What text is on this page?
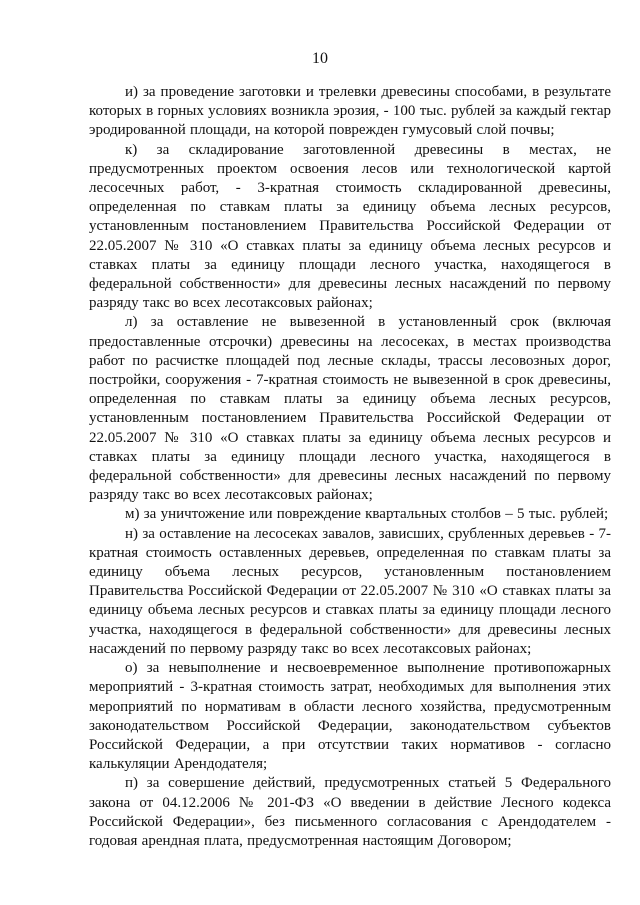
10

и) за проведение заготовки и трелевки древесины способами, в результате которых в горных условиях возникла эрозия, - 100 тыс. рублей за каждый гектар эродированной площади, на которой поврежден гумусовый слой почвы;

к) за складирование заготовленной древесины в местах, не предусмотренных проектом освоения лесов или технологической картой лесосечных работ, - 3-кратная стоимость складированной древесины, определенная по ставкам платы за единицу объема лесных ресурсов, установленным постановлением Правительства Российской Федерации от 22.05.2007 № 310 «О ставках платы за единицу объема лесных ресурсов и ставках платы за единицу площади лесного участка, находящегося в федеральной собственности» для древесины лесных насаждений по первому разряду такс во всех лесотаксовых районах;

л) за оставление не вывезенной в установленный срок (включая предоставленные отсрочки) древесины на лесосеках, в местах производства работ по расчистке площадей под лесные склады, трассы лесовозных дорог, постройки, сооружения - 7-кратная стоимость не вывезенной в срок древесины, определенная по ставкам платы за единицу объема лесных ресурсов, установленным постановлением Правительства Российской Федерации от 22.05.2007 № 310 «О ставках платы за единицу объема лесных ресурсов и ставках платы за единицу площади лесного участка, находящегося в федеральной собственности» для древесины лесных насаждений по первому разряду такс во всех лесотаксовых районах;

м) за уничтожение или повреждение квартальных столбов – 5 тыс. рублей;

н) за оставление на лесосеках завалов, зависших, срубленных деревьев - 7-кратная стоимость оставленных деревьев, определенная по ставкам платы за единицу объема лесных ресурсов, установленным постановлением Правительства Российской Федерации от 22.05.2007 № 310 «О ставках платы за единицу объема лесных ресурсов и ставках платы за единицу площади лесного участка, находящегося в федеральной собственности» для древесины лесных насаждений по первому разряду такс во всех лесотаксовых районах;

о) за невыполнение и несвоевременное выполнение противопожарных мероприятий - 3-кратная стоимость затрат, необходимых для выполнения этих мероприятий по нормативам в области лесного хозяйства, предусмотренным законодательством Российской Федерации, законодательством субъектов Российской Федерации, а при отсутствии таких нормативов - согласно калькуляции Арендодателя;

п) за совершение действий, предусмотренных статьей 5 Федерального закона от 04.12.2006 № 201-ФЗ «О введении в действие Лесного кодекса Российской Федерации», без письменного согласования с Арендодателем - годовая арендная плата, предусмотренная настоящим Договором;
